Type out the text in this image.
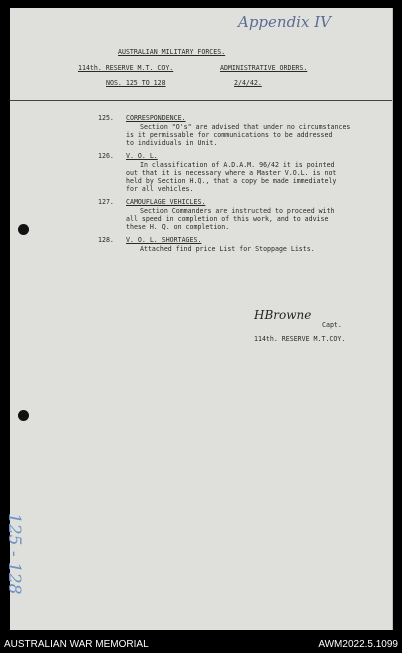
Appendix IV
AUSTRALIAN MILITARY FORCES.
114th. RESERVE M.T. COY.	ADMINISTRATIVE ORDERS.
NOS. 125 TO 128	2/4/42.
125. CORRESPONDENCE.
Section "O's" are advised that under no circumstances
is it permissable for communications to be addressed
to individuals in Unit.
126. V. O. L.
In classification of A.D.A.M. 96/42 it is pointed
out that it is necessary where a Master V.O.L. is not
held by Section H.Q., that a copy be made immediately
for all vehicles.
127. CAMOUFLAGE VEHICLES.
Section Commanders are instructed to proceed with
all speed in completion of this work, and to advise
these H. Q. on completion.
128. V. O. L. SHORTAGES.
Attached find price List for Stoppage Lists.
HBrowne
Capt.
114th. RESERVE M.T.COY.
125 - 128
AUSTRALIAN WAR MEMORIAL	AWM2022.5.1099
